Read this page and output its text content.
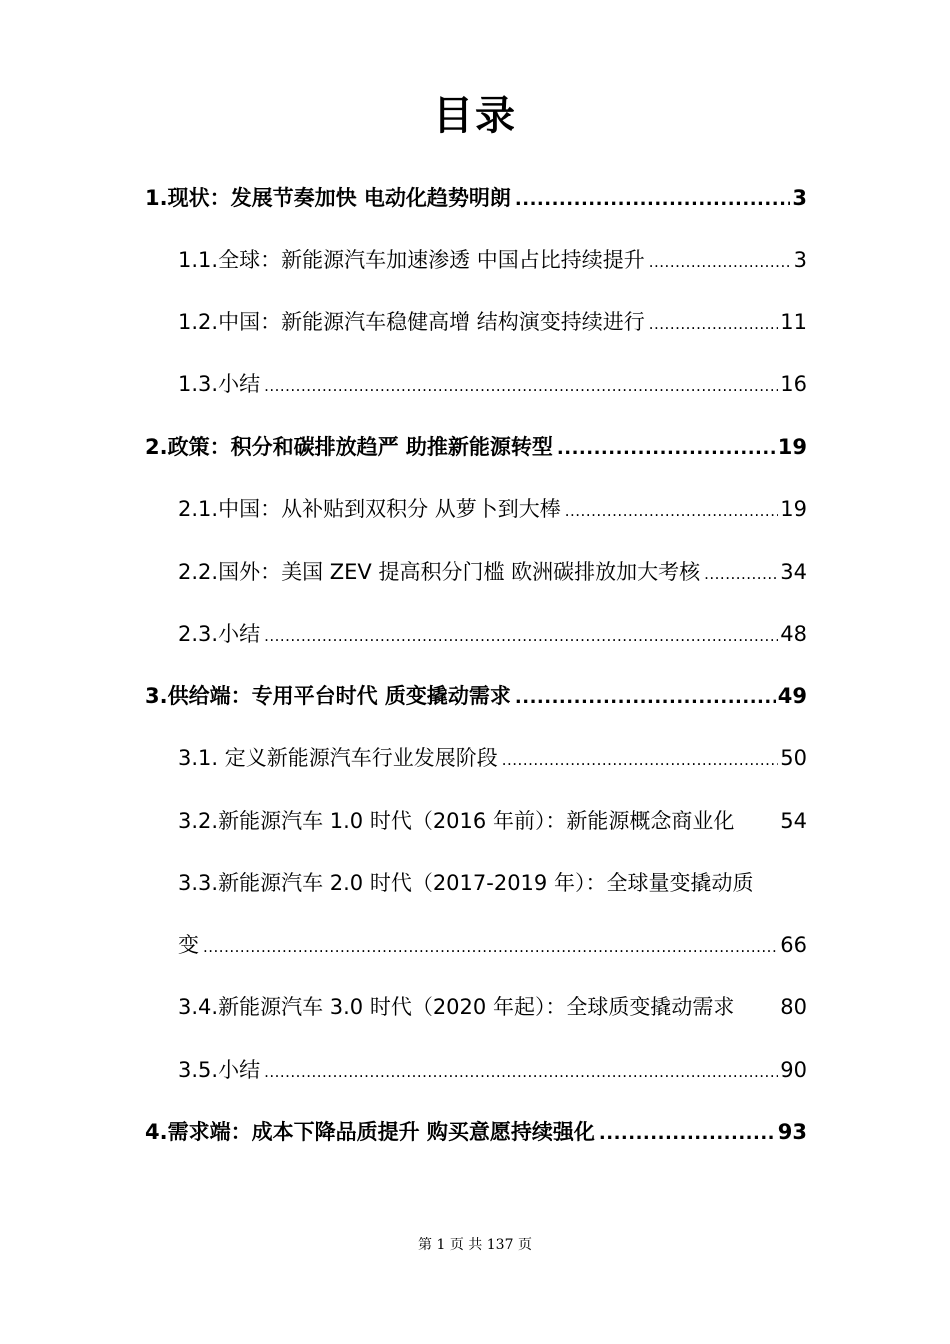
目录
1.现状：发展节奏加快 电动化趋势明朗 .....	3
1.1.全球：新能源汽车加速渗透 中国占比持续提升 .....	3
1.2.中国：新能源汽车稳健高增 结构演变持续进行 .....	11
1.3.小结 .....	16
2.政策：积分和碳排放趋严 助推新能源转型 .....	19
2.1.中国：从补贴到双积分 从萝卜到大棒 .....	19
2.2.国外：美国 ZEV 提高积分门槛 欧洲碳排放加大考核 .....	34
2.3.小结 .....	48
3.供给端：专用平台时代 质变撬动需求 .....	49
3.1. 定义新能源汽车行业发展阶段 .....	50
3.2.新能源汽车 1.0 时代（2016 年前）：新能源概念商业化	54
3.3.新能源汽车 2.0 时代（2017-2019 年）：全球量变撬动质
变 .....	66
3.4.新能源汽车 3.0 时代（2020 年起）：全球质变撬动需求	80
3.5.小结 .....	90
4.需求端：成本下降品质提升 购买意愿持续强化 .....	93
第 1 页 共 137 页
